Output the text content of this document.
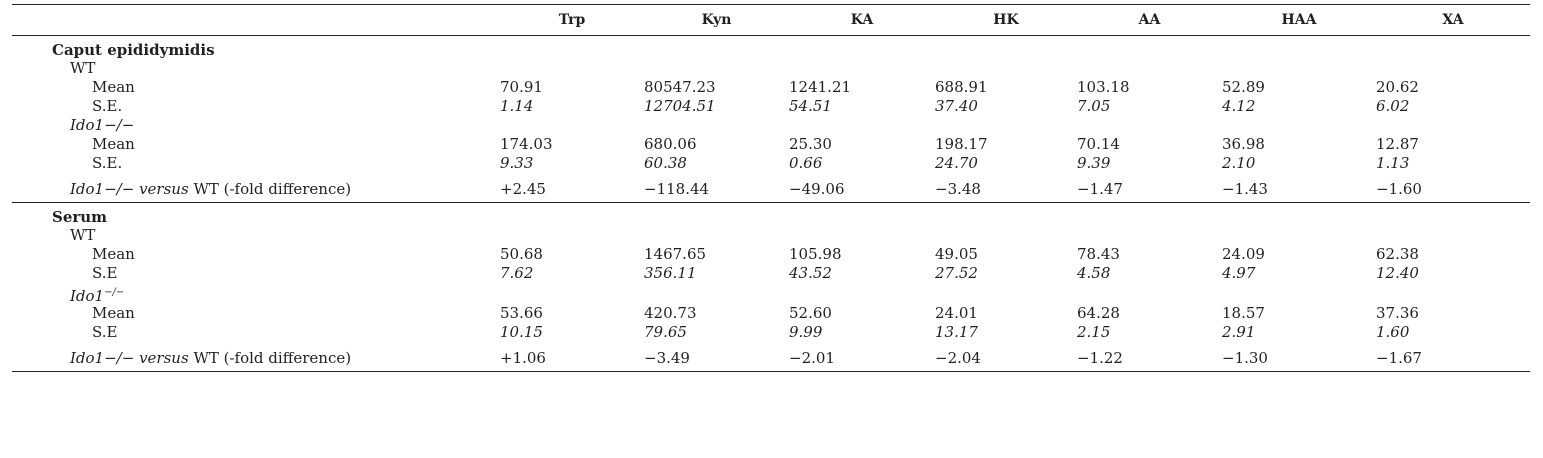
	Trp	Kyn	KA	HK	AA	HAA	XA
Caput epididymidis							
WT							
Mean	70.91	80547.23	1241.21	688.91	103.18	52.89	20.62
S.E.	1.14	12704.51	54.51	37.40	7.05	4.12	6.02
Ido1−/−							
Mean	174.03	680.06	25.30	198.17	70.14	36.98	12.87
S.E.	9.33	60.38	0.66	24.70	9.39	2.10	1.13
Ido1−/− versus WT (-fold difference)	+2.45	−118.44	−49.06	−3.48	−1.47	−1.43	−1.60
Serum							
WT							
Mean	50.68	1467.65	105.98	49.05	78.43	24.09	62.38
S.E	7.62	356.11	43.52	27.52	4.58	4.97	12.40
Ido1−/−
Mean	53.66	420.73	52.60	24.01	64.28	18.57	37.36
S.E	10.15	79.65	9.99	13.17	2.15	2.91	1.60
Ido1−/− versus WT (-fold difference)	+1.06	−3.49	−2.01	−2.04	−1.22	−1.30	−1.67
